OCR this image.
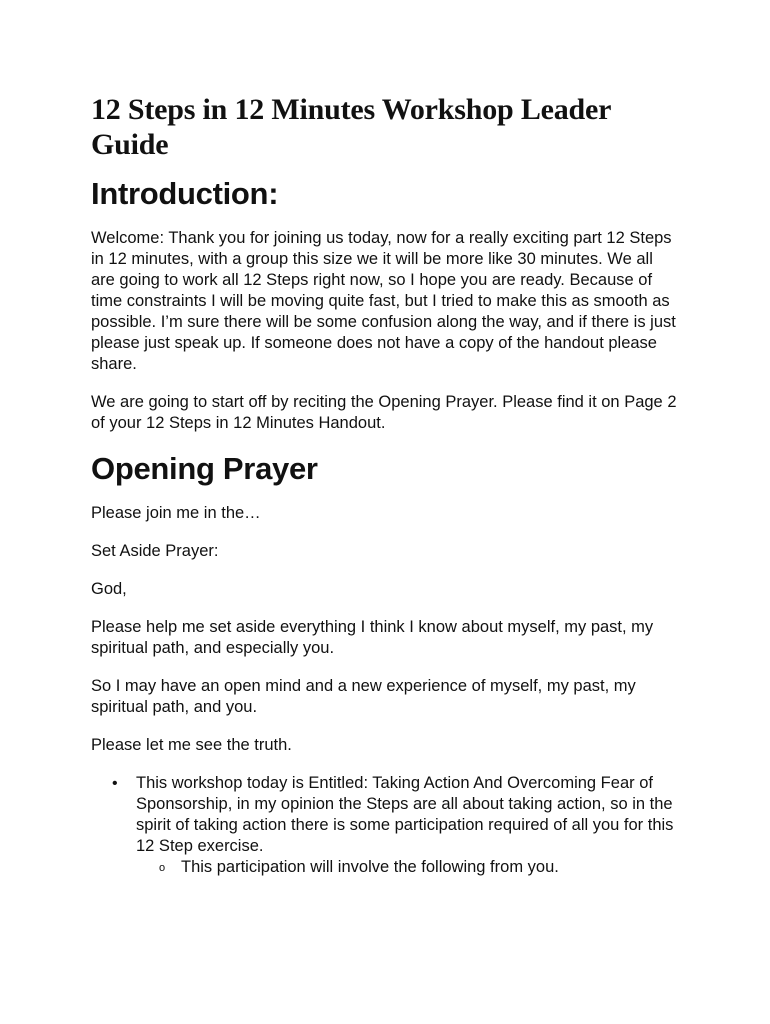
12 Steps in 12 Minutes Workshop Leader Guide
Introduction:

Welcome: Thank you for joining us today, now for a really exciting part 12 Steps in 12 minutes, with a group this size we it will be more like 30 minutes. We all are going to work all 12 Steps right now, so I hope you are ready. Because of time constraints I will be moving quite fast, but I tried to make this as smooth as possible. I’m sure there will be some confusion along the way, and if there is just please just speak up. If someone does not have a copy of the handout please share.

We are going to start off by reciting the Opening Prayer. Please find it on Page 2 of your 12 Steps in 12 Minutes Handout.

Opening Prayer

Please join me in the…

Set Aside Prayer:

God,

Please help me set aside everything I think I know about myself, my past, my spiritual path, and especially you.

So I may have an open mind and a new experience of myself, my past, my spiritual path, and you.

Please let me see the truth.

• This workshop today is Entitled: Taking Action And Overcoming Fear of Sponsorship, in my opinion the Steps are all about taking action, so in the spirit of taking action there is some participation required of all you for this 12 Step exercise.
o This participation will involve the following from you.
